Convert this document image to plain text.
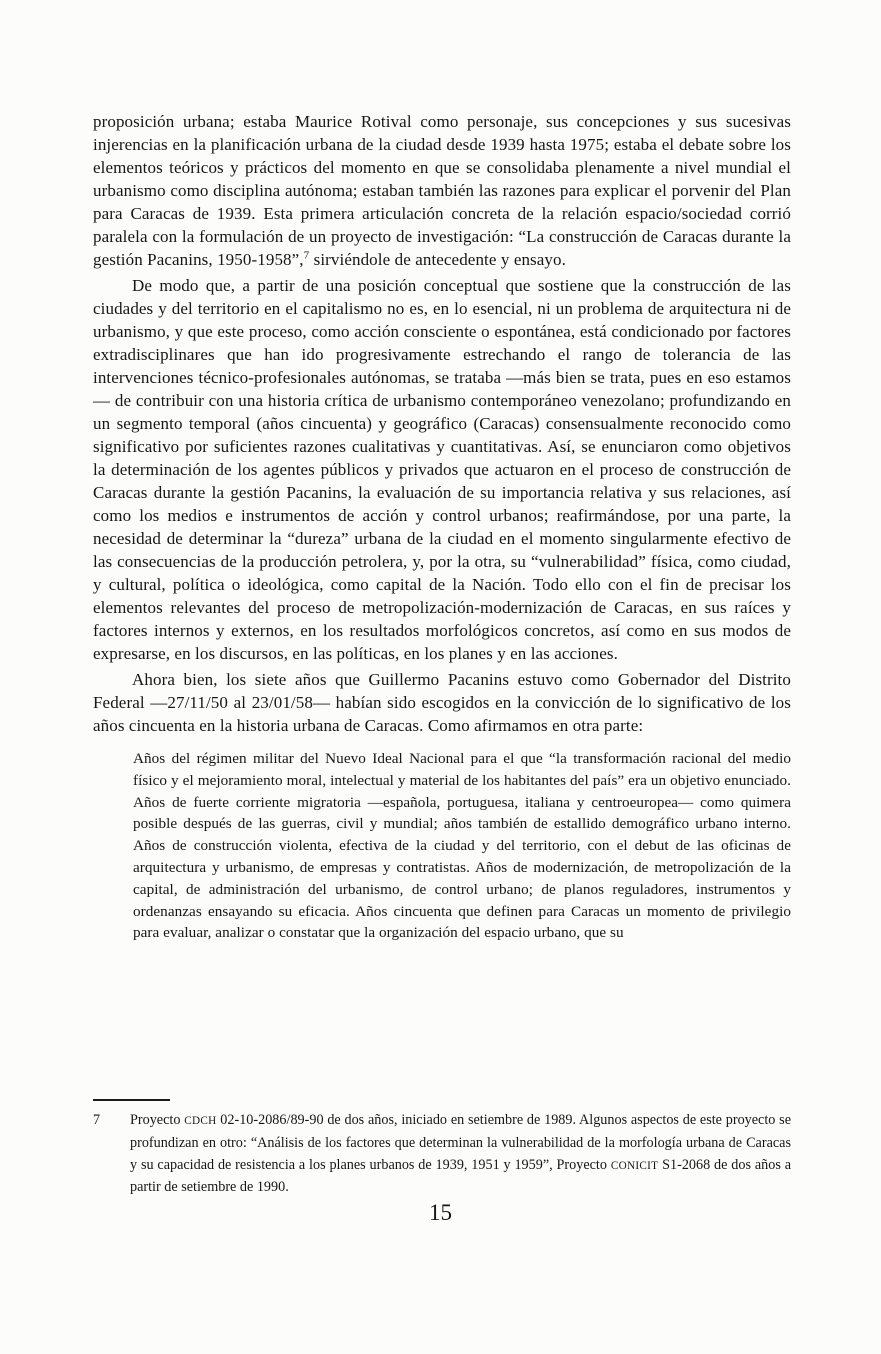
proposición urbana; estaba Maurice Rotival como personaje, sus concepciones y sus sucesivas injerencias en la planificación urbana de la ciudad desde 1939 hasta 1975; estaba el debate sobre los elementos teóricos y prácticos del momento en que se consolidaba plenamente a nivel mundial el urbanismo como disciplina autónoma; estaban también las razones para explicar el porvenir del Plan para Caracas de 1939. Esta primera articulación concreta de la relación espacio/sociedad corrió paralela con la formulación de un proyecto de investigación: “La construcción de Caracas durante la gestión Pacanins, 1950-1958”,$^7$ sirviéndole de antecedente y ensayo.

De modo que, a partir de una posición conceptual que sostiene que la construcción de las ciudades y del territorio en el capitalismo no es, en lo esencial, ni un problema de arquitectura ni de urbanismo, y que este proceso, como acción consciente o espontánea, está condicionado por factores extradisciplinares que han ido progresivamente estrechando el rango de tolerancia de las intervenciones técnico-profesionales autónomas, se trataba —más bien se trata, pues en eso estamos— de contribuir con una historia crítica de urbanismo contemporáneo venezolano; profundizando en un segmento temporal (años cincuenta) y geográfico (Caracas) consensualmente reconocido como significativo por suficientes razones cualitativas y cuantitativas. Así, se enunciaron como objetivos la determinación de los agentes públicos y privados que actuaron en el proceso de construcción de Caracas durante la gestión Pacanins, la evaluación de su importancia relativa y sus relaciones, así como los medios e instrumentos de acción y control urbanos; reafirmándose, por una parte, la necesidad de determinar la “dureza” urbana de la ciudad en el momento singularmente efectivo de las consecuencias de la producción petrolera, y, por la otra, su “vulnerabilidad” física, como ciudad, y cultural, política o ideológica, como capital de la Nación. Todo ello con el fin de precisar los elementos relevantes del proceso de metropolización-modernización de Caracas, en sus raíces y factores internos y externos, en los resultados morfológicos concretos, así como en sus modos de expresarse, en los discursos, en las políticas, en los planes y en las acciones.

Ahora bien, los siete años que Guillermo Pacanins estuvo como Gobernador del Distrito Federal —27/11/50 al 23/01/58— habían sido escogidos en la convicción de lo significativo de los años cincuenta en la historia urbana de Caracas. Como afirmamos en otra parte:

Años del régimen militar del Nuevo Ideal Nacional para el que “la transformación racional del medio físico y el mejoramiento moral, intelectual y material de los habitantes del país” era un objetivo enunciado. Años de fuerte corriente migratoria —española, portuguesa, italiana y centroeuropea— como quimera posible después de las guerras, civil y mundial; años también de estallido demográfico urbano interno. Años de construcción violenta, efectiva de la ciudad y del territorio, con el debut de las oficinas de arquitectura y urbanismo, de empresas y contratistas. Años de modernización, de metropolización de la capital, de administración del urbanismo, de control urbano; de planos reguladores, instrumentos y ordenanzas ensayando su eficacia. Años cincuenta que definen para Caracas un momento de privilegio para evaluar, analizar o constatar que la organización del espacio urbano, que su
7	Proyecto CDCH 02-10-2086/89-90 de dos años, iniciado en setiembre de 1989. Algunos aspectos de este proyecto se profundizan en otro: “Análisis de los factores que determinan la vulnerabilidad de la morfología urbana de Caracas y su capacidad de resistencia a los planes urbanos de 1939, 1951 y 1959”, Proyecto CONICIT S1-2068 de dos años a partir de setiembre de 1990.
15
